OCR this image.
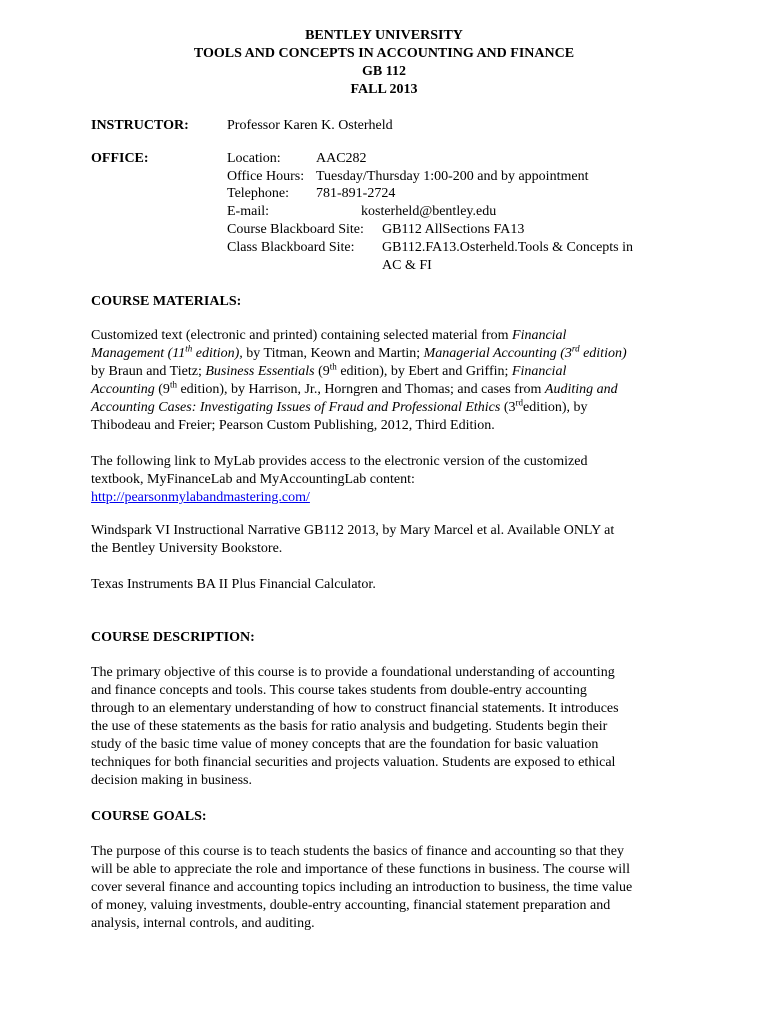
BENTLEY UNIVERSITY
TOOLS AND CONCEPTS IN ACCOUNTING AND FINANCE
GB 112
FALL 2013
INSTRUCTOR:	Professor Karen K. Osterheld
OFFICE:	Location:	AAC282
Office Hours: Tuesday/Thursday 1:00-200 and by appointment
Telephone: 781-891-2724
E-mail:	kosterheld@bentley.edu
Course Blackboard Site: GB112 AllSections FA13
Class Blackboard Site: GB112.FA13.Osterheld.Tools & Concepts in
AC & FI
COURSE MATERIALS:
Customized text (electronic and printed) containing selected material from Financial
Management (11th edition), by Titman, Keown and Martin; Managerial Accounting (3rd edition)
by Braun and Tietz; Business Essentials (9th edition), by Ebert and Griffin; Financial
Accounting (9th edition), by Harrison, Jr., Horngren and Thomas; and cases from Auditing and
Accounting Cases: Investigating Issues of Fraud and Professional Ethics (3rdedition), by
Thibodeau and Freier; Pearson Custom Publishing, 2012, Third Edition.
The following link to MyLab provides access to the electronic version of the customized
textbook, MyFinanceLab and MyAccountingLab content:
http://pearsonmylabandmastering.com/
Windspark VI Instructional Narrative GB112 2013, by Mary Marcel et al. Available ONLY at
the Bentley University Bookstore.
Texas Instruments BA II Plus Financial Calculator.
COURSE DESCRIPTION:
The primary objective of this course is to provide a foundational understanding of accounting
and finance concepts and tools. This course takes students from double-entry accounting
through to an elementary understanding of how to construct financial statements. It introduces
the use of these statements as the basis for ratio analysis and budgeting. Students begin their
study of the basic time value of money concepts that are the foundation for basic valuation
techniques for both financial securities and projects valuation. Students are exposed to ethical
decision making in business.
COURSE GOALS:
The purpose of this course is to teach students the basics of finance and accounting so that they
will be able to appreciate the role and importance of these functions in business. The course will
cover several finance and accounting topics including an introduction to business, the time value
of money, valuing investments, double-entry accounting, financial statement preparation and
analysis, internal controls, and auditing.
